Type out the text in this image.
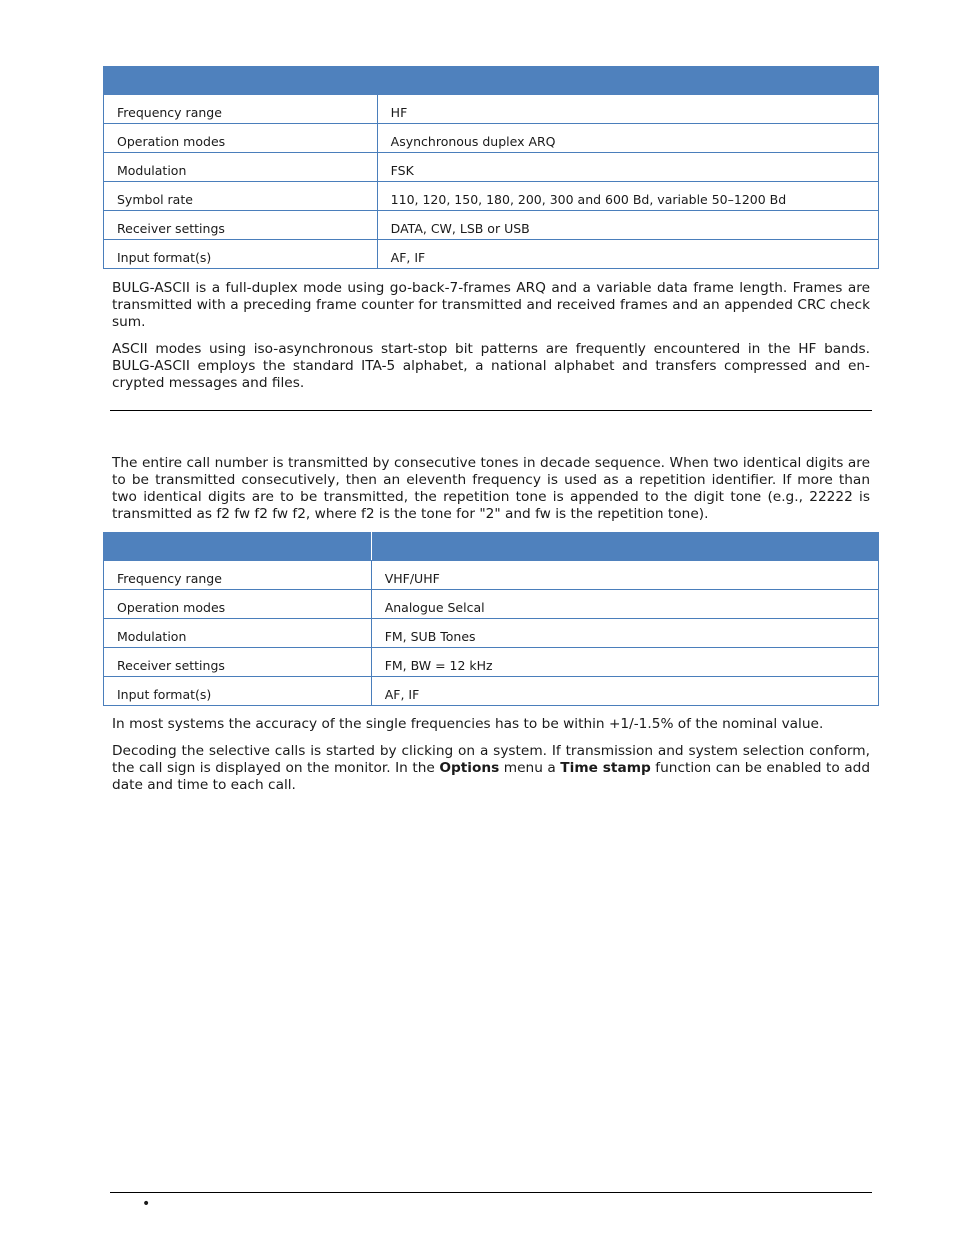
Frequency range	HF
Operation modes	Asynchronous duplex ARQ
Modulation	FSK
Symbol rate	110, 120, 150, 180, 200, 300 and 600 Bd, variable 50–1200 Bd
Receiver settings	DATA, CW, LSB or USB
Input format(s)	AF, IF

BULG-ASCII is a full-duplex mode using go-back-7-frames ARQ and a variable data frame length. Frames are transmitted with a preceding frame counter for transmitted and received frames and an appended CRC check sum.

ASCII modes using iso-asynchronous start-stop bit patterns are frequently encountered in the HF bands. BULG-ASCII employs the standard ITA-5 alphabet, a national alphabet and transfers compressed and encrypted messages and files.

The entire call number is transmitted by consecutive tones in decade sequence. When two identical digits are to be transmitted consecutively, then an eleventh frequency is used as a repetition identifier. If more than two identical digits are to be transmitted, the repetition tone is appended to the digit tone (e.g., 22222 is transmitted as f2 fw f2 fw f2, where f2 is the tone for "2" and fw is the repetition tone).

Frequency range	VHF/UHF
Operation modes	Analogue Selcal
Modulation	FM, SUB Tones
Receiver settings	FM, BW = 12 kHz
Input format(s)	AF, IF

In most systems the accuracy of the single frequencies has to be within +1/-1.5% of the nominal value.

Decoding the selective calls is started by clicking on a system. If transmission and system selection conform, the call sign is displayed on the monitor. In the Options menu a Time stamp function can be enabled to add date and time to each call.

•
